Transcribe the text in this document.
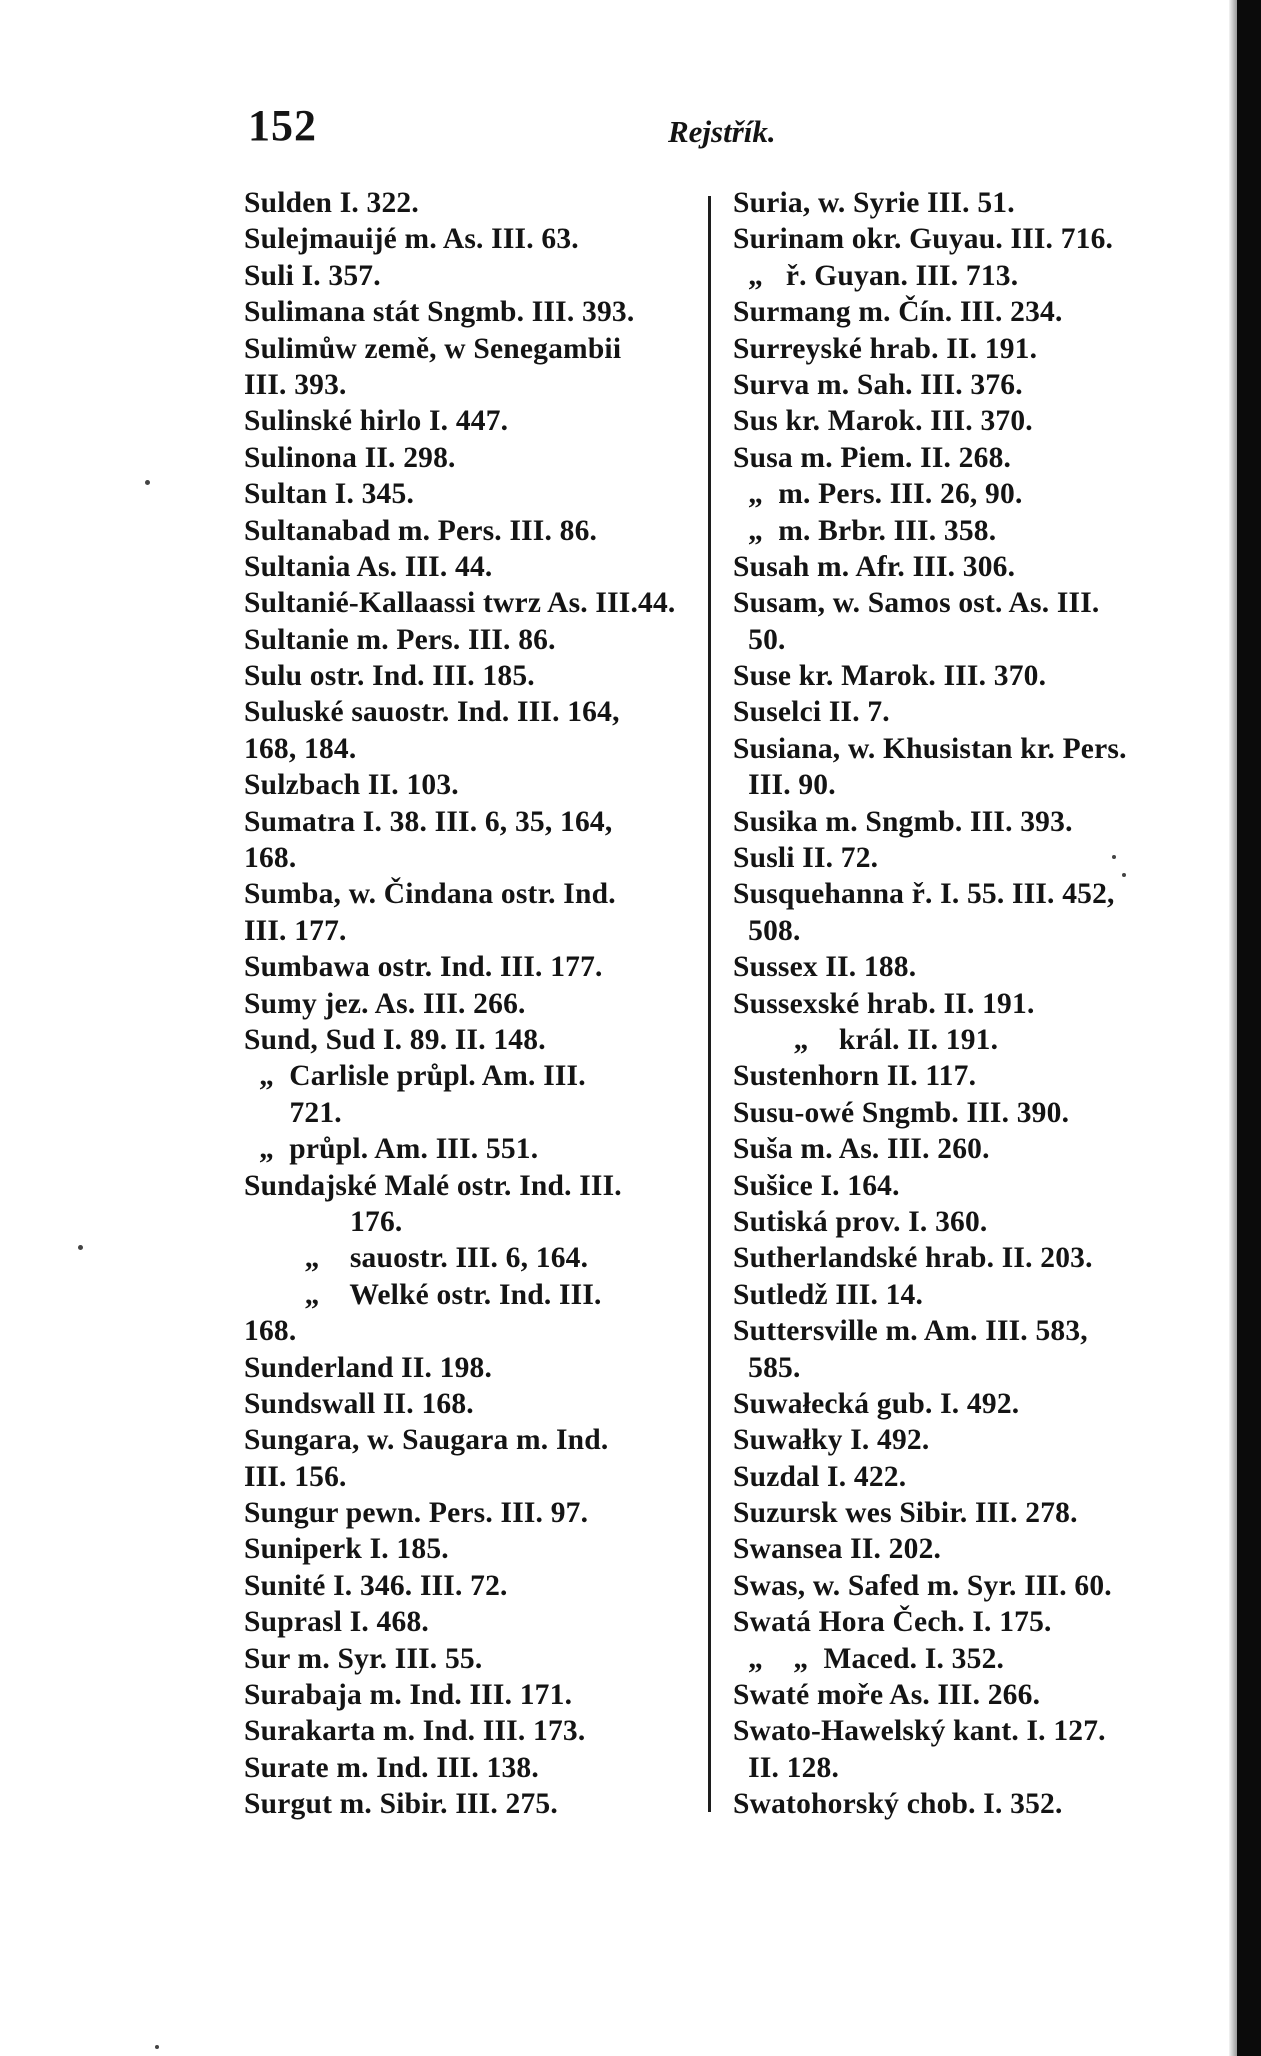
152	Rejstřík.
Sulden I. 322.
Sulejmauijé m. As. III. 63.
Suli I. 357.
Sulimana stát Sngmb. III. 393.
Sulimůw země, w Senegambii
III. 393.
Sulinské hirlo I. 447.
Sulinona II. 298.
Sultan I. 345.
Sultanabad m. Pers. III. 86.
Sultania As. III. 44.
Sultanié-Kallaassi twrz As. III.44.
Sultanie m. Pers. III. 86.
Sulu ostr. Ind. III. 185.
Suluské sauostr. Ind. III. 164,
168, 184.
Sulzbach II. 103.
Sumatra I. 38. III. 6, 35, 164,
168.
Sumba, w. Čindana ostr. Ind.
III. 177.
Sumbawa ostr. Ind. III. 177.
Sumy jez. As. III. 266.
Sund, Sud I. 89. II. 148.
„  Carlisle průpl. Am. III.
721.
„  průpl. Am. III. 551.
Sundajské Malé ostr. Ind. III.
176.
„    sauostr. III. 6, 164.
„    Welké ostr. Ind. III.
168.
Sunderland II. 198.
Sundswall II. 168.
Sungara, w. Saugara m. Ind.
III. 156.
Sungur pewn. Pers. III. 97.
Suniperk I. 185.
Sunité I. 346. III. 72.
Suprasl I. 468.
Sur m. Syr. III. 55.
Surabaja m. Ind. III. 171.
Surakarta m. Ind. III. 173.
Surate m. Ind. III. 138.
Surgut m. Sibir. III. 275.
Suria, w. Syrie III. 51.
Surinam okr. Guyau. III. 716.
„   ř. Guyan. III. 713.
Surmang m. Čín. III. 234.
Surreyské hrab. II. 191.
Surva m. Sah. III. 376.
Sus kr. Marok. III. 370.
Susa m. Piem. II. 268.
„  m. Pers. III. 26, 90.
„  m. Brbr. III. 358.
Susah m. Afr. III. 306.
Susam, w. Samos ost. As. III.
50.
Suse kr. Marok. III. 370.
Suselci II. 7.
Susiana, w. Khusistan kr. Pers.
III. 90.
Susika m. Sngmb. III. 393.
Susli II. 72.
Susquehanna ř. I. 55. III. 452,
508.
Sussex II. 188.
Sussexské hrab. II. 191.
„    král. II. 191.
Sustenhorn II. 117.
Susu-owé Sngmb. III. 390.
Suša m. As. III. 260.
Sušice I. 164.
Sutiská prov. I. 360.
Sutherlandské hrab. II. 203.
Sutledž III. 14.
Suttersville m. Am. III. 583,
585.
Suwałecká gub. I. 492.
Suwałky I. 492.
Suzdal I. 422.
Suzursk wes Sibir. III. 278.
Swansea II. 202.
Swas, w. Safed m. Syr. III. 60.
Swatá Hora Čech. I. 175.
„    „  Maced. I. 352.
Swaté moře As. III. 266.
Swato-Hawelský kant. I. 127.
II. 128.
Swatohorský chob. I. 352.
